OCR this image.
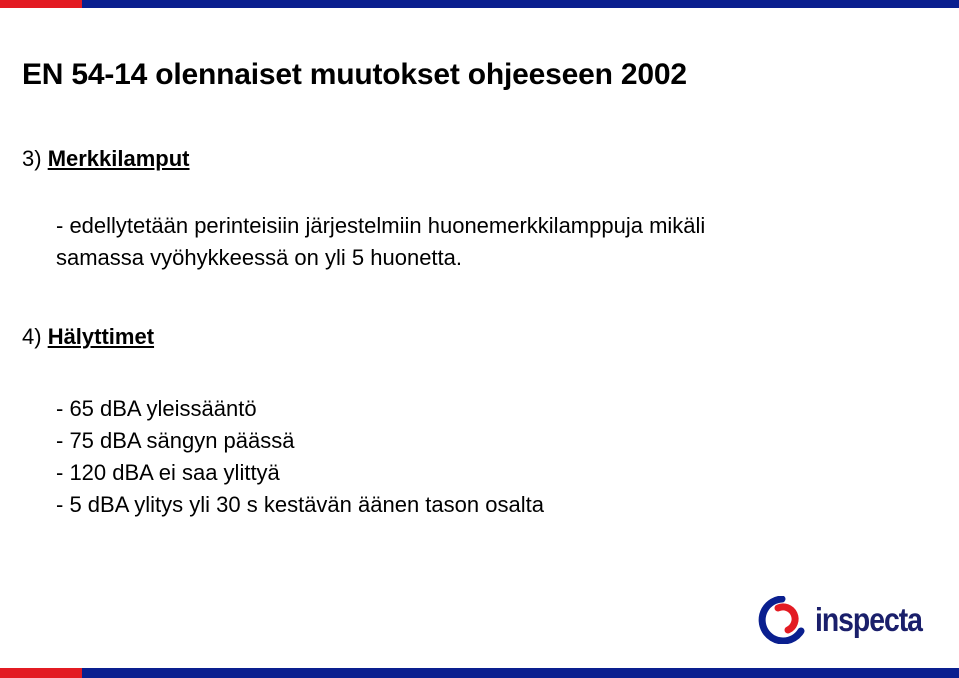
EN 54-14 olennaiset muutokset ohjeeseen 2002
3) Merkkilamput
- edellytetään perinteisiin järjestelmiin huonemerkkilamppuja mikäli
samassa vyöhykkeessä on yli 5 huonetta.
4) Hälyttimet
- 65 dBA yleissääntö
- 75 dBA sängyn päässä
- 120 dBA ei saa ylittyä
- 5 dBA ylitys yli 30 s kestävän äänen tason osalta
inspecta
